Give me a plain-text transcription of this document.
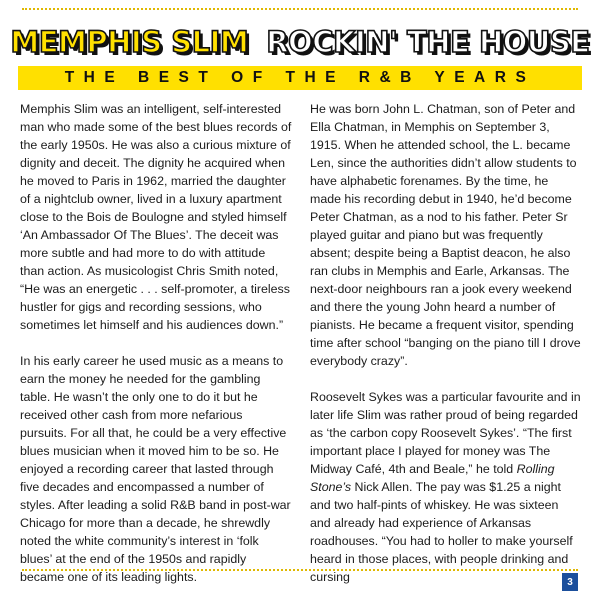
MEMPHIS SLIM ROCKIN' THE HOUSE
THE BEST OF THE R&B YEARS

Memphis Slim was an intelligent, self-interested man who made some of the best blues records of the early 1950s. He was also a curious mixture of dignity and deceit. The dignity he acquired when he moved to Paris in 1962, married the daughter of a nightclub owner, lived in a luxury apartment close to the Bois de Boulogne and styled himself ‘An Ambassador Of The Blues’. The deceit was more subtle and had more to do with attitude than action. As musicologist Chris Smith noted, “He was an energetic . . . self-promoter, a tireless hustler for gigs and recording sessions, who sometimes let himself and his audiences down.”

In his early career he used music as a means to earn the money he needed for the gambling table. He wasn’t the only one to do it but he received other cash from more nefarious pursuits. For all that, he could be a very effective blues musician when it moved him to be so. He enjoyed a recording career that lasted through five decades and encompassed a number of styles. After leading a solid R&B band in post-war Chicago for more than a decade, he shrewdly noted the white community’s interest in ‘folk blues’ at the end of the 1950s and rapidly became one of its leading lights.

He was born John L. Chatman, son of Peter and Ella Chatman, in Memphis on September 3, 1915. When he attended school, the L. became Len, since the authorities didn’t allow students to have alphabetic forenames. By the time, he made his recording debut in 1940, he’d become Peter Chatman, as a nod to his father. Peter Sr played guitar and piano but was frequently absent; despite being a Baptist deacon, he also ran clubs in Memphis and Earle, Arkansas. The next-door neighbours ran a jook every weekend and there the young John heard a number of pianists. He became a frequent visitor, spending time after school “banging on the piano till I drove everybody crazy”.

Roosevelt Sykes was a particular favourite and in later life Slim was rather proud of being regarded as ‘the carbon copy Roosevelt Sykes’. “The first important place I played for money was The Midway Café, 4th and Beale,” he told Rolling Stone’s Nick Allen. The pay was $1.25 a night and two half-pints of whiskey. He was sixteen and already had experience of Arkansas roadhouses. “You had to holler to make yourself heard in those places, with people drinking and cursing	3
